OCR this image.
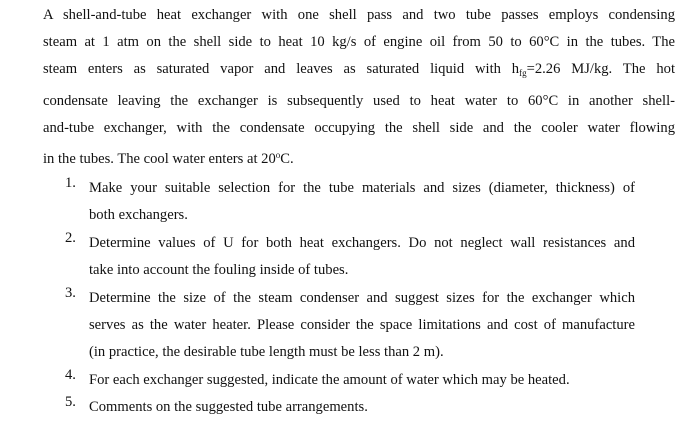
A shell-and-tube heat exchanger with one shell pass and two tube passes employs condensing
steam at 1 atm on the shell side to heat 10 kg/s of engine oil from 50 to 60°C in the tubes. The
steam enters as saturated vapor and leaves as saturated liquid with $h_{fg}=2.26$ MJ/kg. The hot
condensate leaving the exchanger is subsequently used to heat water to 60°C in another shell-
and-tube exchanger, with the condensate occupying the shell side and the cooler water flowing
in the tubes. The cool water enters at 20$^o$C.
1. Make your suitable selection for the tube materials and sizes (diameter, thickness) of
both exchangers.
2. Determine values of U for both heat exchangers. Do not neglect wall resistances and
take into account the fouling inside of tubes.
3. Determine the size of the steam condenser and suggest sizes for the exchanger which
serves as the water heater. Please consider the space limitations and cost of manufacture
(in practice, the desirable tube length must be less than 2 m).
4. For each exchanger suggested, indicate the amount of water which may be heated.
5. Comments on the suggested tube arrangements.
